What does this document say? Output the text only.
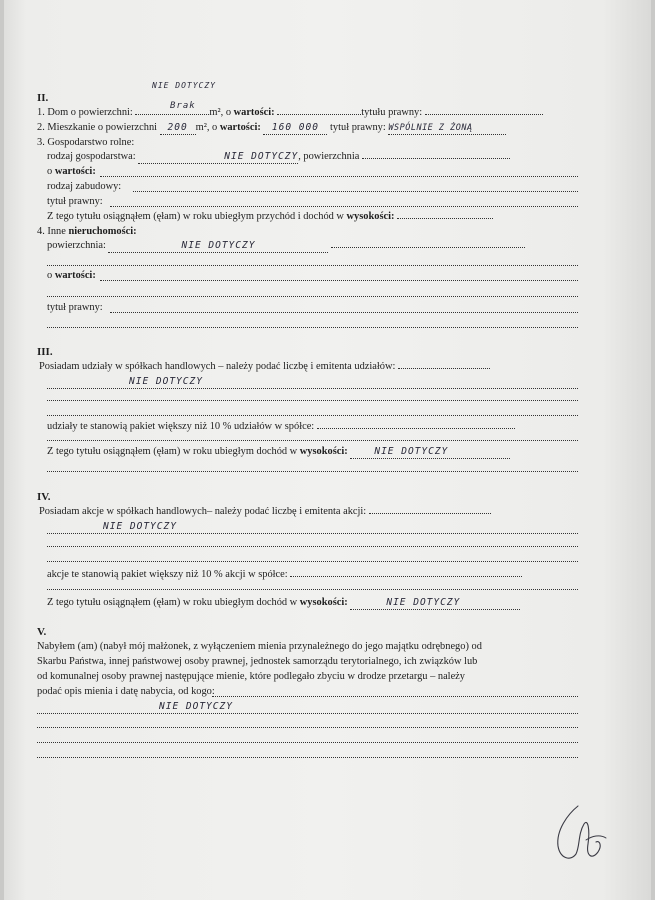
II.
NIE DOTYCZY
Brak
1. Dom o powierzchni:	m², o wartości:	tytułu prawny:
2. Mieszkanie o powierzchni 200 m², o wartości: 160 000 tytuł prawny: WSPÓLNIE Z ŻONĄ
3. Gospodarstwo rolne:
rodzaj gospodarstwa:	NIE DOTYCZY, powierzchnia
o wartości:
rodzaj zabudowy:
tytuł prawny:
Z tego tytułu osiągnąłem (ęłam) w roku ubiegłym przychód i dochód w wysokości:
4. Inne nieruchomości:
powierzchnia:	NIE DOTYCZY
o wartości:
tytuł prawny:
III.
Posiadam udziały w spółkach handlowych – należy podać liczbę i emitenta udziałów:
NIE DOTYCZY
udziały te stanowią pakiet większy niż 10 % udziałów w spółce:
Z tego tytułu osiągnąłem (ęłam) w roku ubiegłym dochód w wysokości:	NIE DOTYCZY
IV.
Posiadam akcje w spółkach handlowych– należy podać liczbę i emitenta akcji:
NIE DOTYCZY
akcje te stanowią pakiet większy niż 10 % akcji w spółce:
Z tego tytułu osiągnąłem (ęłam) w roku ubiegłym dochód w wysokości:	NIE DOTYCZY
V.
Nabyłem (am) (nabył mój małżonek, z wyłączeniem mienia przynależnego do jego majątku odrębnego) od
Skarbu Państwa, innej państwowej osoby prawnej, jednostek samorządu terytorialnego, ich związków lub
od komunalnej osoby prawnej następujące mienie, które podlegało zbyciu w drodze przetargu – należy
podać opis mienia i datę nabycia, od kogo:
NIE DOTYCZY
